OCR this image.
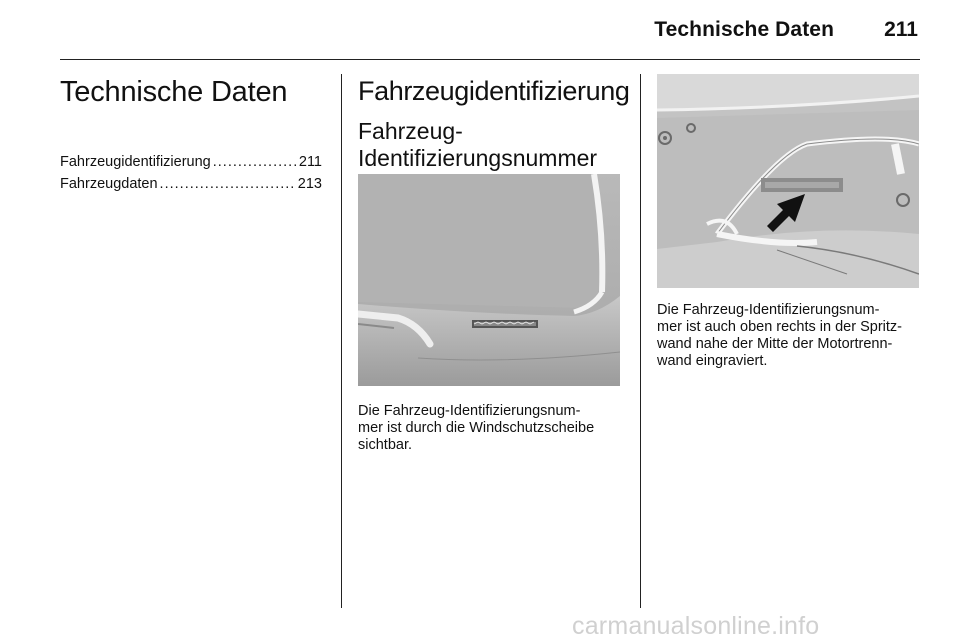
Technische Daten 211
Technische Daten
Fahrzeugidentifizierung .....	211
Fahrzeugdaten .....	213
Fahrzeugidentifizierung
Fahrzeug-
Identifizierungsnummer
Die Fahrzeug-Identifizierungsnum-
mer ist durch die Windschutzscheibe
sichtbar.
Die Fahrzeug-Identifizierungsnum-
mer ist auch oben rechts in der Spritz-
wand nahe der Mitte der Motortrenn-
wand eingraviert.
carmanualsonline.info
